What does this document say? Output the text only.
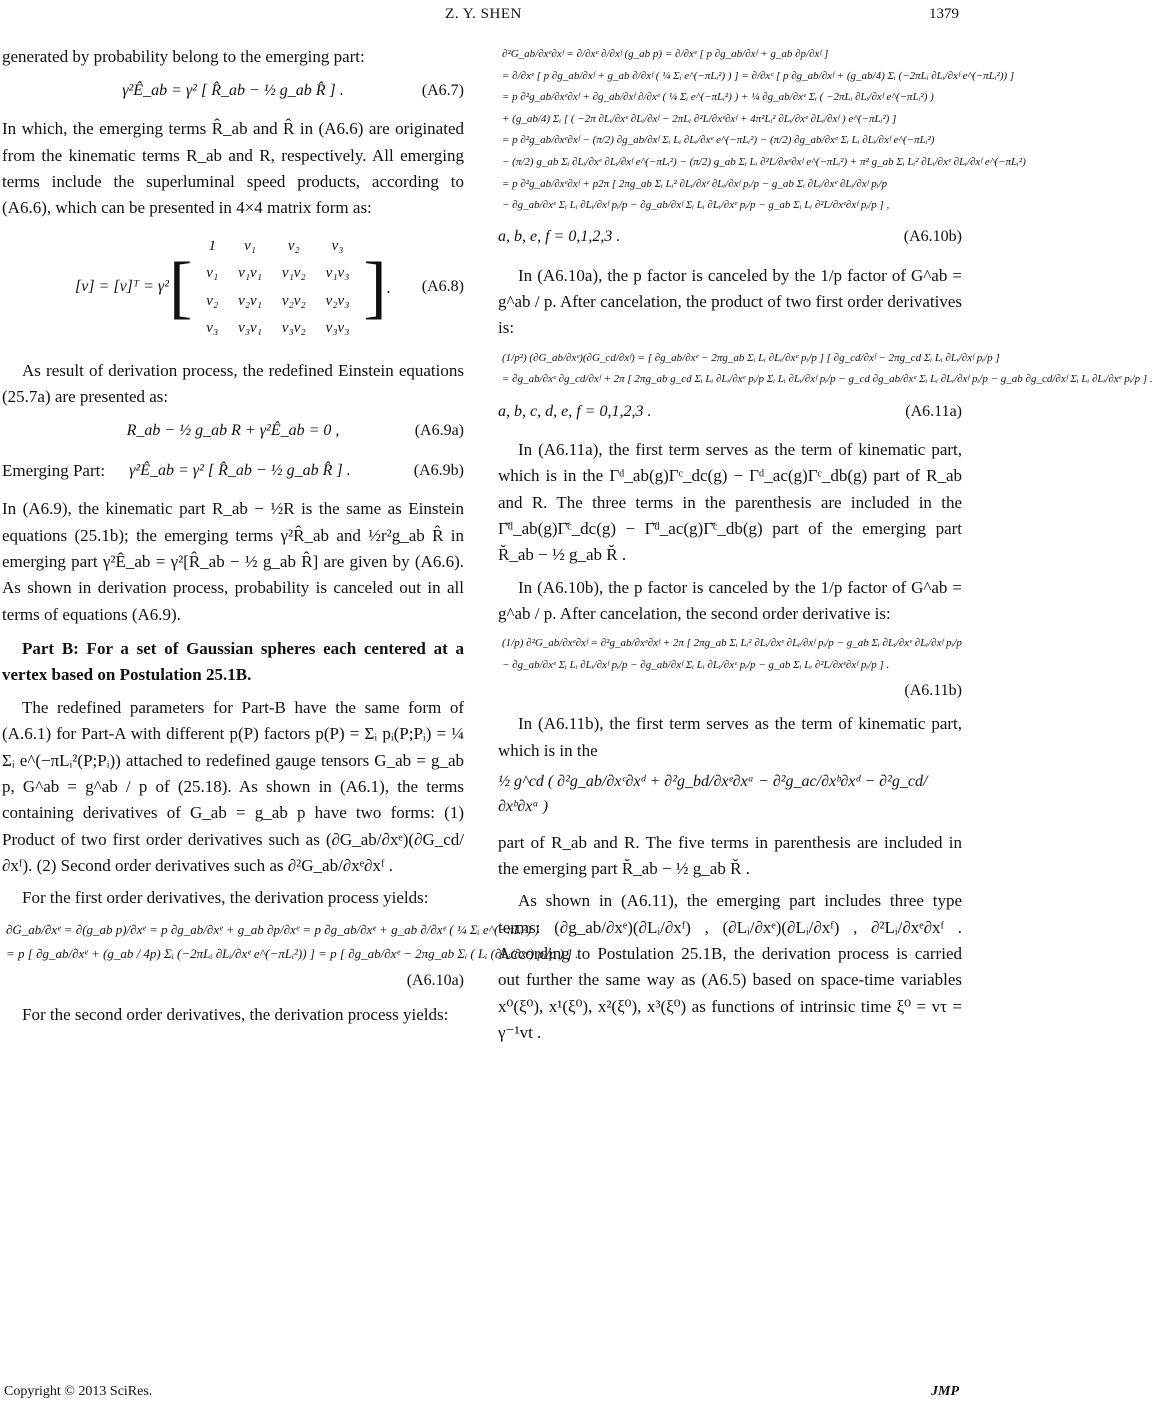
Z. Y. SHEN	1379

generated by probability belong to the emerging part:

γ²Ê_ab = γ² [ R̂_ab − ½ g_ab R̂ ] .	(A6.7)

In which, the emerging terms R̂_ab and R̂ in (A6.6) are originated from the kinematic terms R_ab and R, respectively. All emerging terms include the superluminal speed products, according to (A6.6), which can be presented in 4×4 matrix form as:

[v] = [v]ᵀ = γ² [
1	v₁	v₂	v₃
v₁	v₁v₁	v₁v₂	v₁v₃
v₂	v₂v₁	v₂v₂	v₂v₃
v₃	v₃v₁	v₃v₂	v₃v₃
] . (A6.8)

As result of derivation process, the redefined Einstein equations (25.7a) are presented as:

R_ab − ½ g_ab R + γ²Ê_ab = 0 ,	(A6.9a)
Emerging Part: γ²Ê_ab = γ² [ R̂_ab − ½ g_ab R̂ ] .	(A6.9b)

In (A6.9), the kinematic part R_ab − ½R is the same as Einstein equations (25.1b); the emerging terms γ²R̂_ab and ½r²g_ab R̂ in emerging part γ²Ê_ab = γ²[R̂_ab − ½ g_ab R̂] are given by (A6.6). As shown in derivation process, probability is canceled out in all terms of equations (A6.9).

Part B: For a set of Gaussian spheres each centered at a vertex based on Postulation 25.1B.

The redefined parameters for Part-B have the same form of (A.6.1) for Part-A with different p(P) factors p(P) = Σᵢ pᵢ(P;Pᵢ) = ¼ Σᵢ e^(−πLᵢ²(P;Pᵢ)) attached to redefined gauge tensors G_ab = g_ab p, G^ab = g^ab / p of (25.18). As shown in (A6.1), the terms containing derivatives of G_ab = g_ab p have two forms: (1) Product of two first order derivatives such as (∂G_ab/∂xᵉ)(∂G_cd/∂xᶠ). (2) Second order derivatives such as ∂²G_ab/∂xᵉ∂xᶠ .

For the first order derivatives, the derivation process yields:

∂G_ab/∂xᵉ = ∂(g_ab p)/∂xᵉ = p ∂g_ab/∂xᵉ + g_ab ∂p/∂xᵉ = p ∂g_ab/∂xᵉ + g_ab ∂/∂xᵉ ( ¼ Σᵢ e^(−πLᵢ²) )
= p [ ∂g_ab/∂xᵉ + (g_ab / 4p) Σᵢ (−2πLᵢ ∂Lᵢ/∂xᵉ e^(−πLᵢ²)) ] = p [ ∂g_ab/∂xᵉ − 2πg_ab Σᵢ ( Lᵢ (∂Lᵢ/∂xᵉ) pᵢ/p ) ] .
(A6.10a)

For the second order derivatives, the derivation process yields:

∂²G_ab/∂xᵉ∂xᶠ = ∂/∂xᵉ ∂/∂xᶠ (g_ab p) = ∂/∂xᵉ [ p ∂g_ab/∂xᶠ + g_ab ∂p/∂xᶠ ]
= ∂/∂xᵉ [ p ∂g_ab/∂xᶠ + g_ab ∂/∂xᶠ ( ¼ Σᵢ e^(−πLᵢ²) ) ] = ∂/∂xᵉ [ p ∂g_ab/∂xᶠ + (g_ab/4) Σᵢ (−2πLᵢ ∂Lᵢ/∂xᶠ e^(−πLᵢ²)) ]
= p ∂²g_ab/∂xᵉ∂xᶠ + ∂g_ab/∂xᶠ ∂/∂xᵉ ( ¼ Σᵢ e^(−πLᵢ²) ) + ¼ ∂g_ab/∂xᵉ Σᵢ ( −2πLᵢ ∂Lᵢ/∂xᶠ e^(−πLᵢ²) )
+ (g_ab/4) Σᵢ [ ( −2π ∂Lᵢ/∂xᵉ ∂Lᵢ/∂xᶠ − 2πLᵢ ∂²L/∂xᵉ∂xᶠ + 4π²Lᵢ² ∂Lᵢ/∂xᵉ ∂Lᵢ/∂xᶠ ) e^(−πLᵢ²) ]
= p ∂²g_ab/∂xᵉ∂xᶠ − (π/2) ∂g_ab/∂xᶠ Σᵢ Lᵢ ∂Lᵢ/∂xᵉ e^(−πLᵢ²) − (π/2) ∂g_ab/∂xᵉ Σᵢ Lᵢ ∂Lᵢ/∂xᶠ e^(−πLᵢ²)
− (π/2) g_ab Σᵢ ∂Lᵢ/∂xᵉ ∂Lᵢ/∂xᶠ e^(−πLᵢ²) − (π/2) g_ab Σᵢ Lᵢ ∂²L/∂xᵉ∂xᶠ e^(−πLᵢ²) + π² g_ab Σᵢ Lᵢ² ∂Lᵢ/∂xᵉ ∂Lᵢ/∂xᶠ e^(−πLᵢ²)
= p ∂²g_ab/∂xᵉ∂xᶠ + p2π [ 2πg_ab Σᵢ Lᵢ² ∂Lᵢ/∂xᵉ ∂Lᵢ/∂xᶠ pᵢ/p − g_ab Σᵢ ∂Lᵢ/∂xᵉ ∂Lᵢ/∂xᶠ pᵢ/p
− ∂g_ab/∂xᵉ Σᵢ Lᵢ ∂Lᵢ/∂xᶠ pᵢ/p − ∂g_ab/∂xᶠ Σᵢ Lᵢ ∂Lᵢ/∂xᵉ pᵢ/p − g_ab Σᵢ Lᵢ ∂²L/∂xᵉ∂xᶠ pᵢ/p ] ,
a, b, e, f = 0,1,2,3 .	(A6.10b)

In (A6.10a), the p factor is canceled by the 1/p factor of G^ab = g^ab / p. After cancelation, the product of two first order derivatives is:

(1/p²) (∂G_ab/∂xᵉ)(∂G_cd/∂xᶠ) = [ ∂g_ab/∂xᵉ − 2πg_ab Σᵢ Lᵢ ∂Lᵢ/∂xᵉ pᵢ/p ] [ ∂g_cd/∂xᶠ − 2πg_cd Σᵢ Lᵢ ∂Lᵢ/∂xᶠ pᵢ/p ]
= ∂g_ab/∂xᵉ ∂g_cd/∂xᶠ + 2π [ 2πg_ab g_cd Σᵢ Lᵢ ∂Lᵢ/∂xᵉ pᵢ/p Σᵢ Lᵢ ∂Lᵢ/∂xᶠ pᵢ/p − g_cd ∂g_ab/∂xᵉ Σᵢ Lᵢ ∂Lᵢ/∂xᶠ pᵢ/p − g_ab ∂g_cd/∂xᶠ Σᵢ Lᵢ ∂Lᵢ/∂xᵉ pᵢ/p ] .
a, b, c, d, e, f = 0,1,2,3 .	(A6.11a)

In (A6.11a), the first term serves as the term of kinematic part, which is in the Γᵈ_ab(g)Γᶜ_dc(g) − Γᵈ_ac(g)Γᶜ_db(g) part of R_ab and R. The three terms in the parenthesis are included in the Γ̆ᵈ_ab(g)Γ̆ᶜ_dc(g) − Γ̆ᵈ_ac(g)Γ̆ᶜ_db(g) part of the emerging part R̆_ab − ½ g_ab R̆ .

In (A6.10b), the p factor is canceled by the 1/p factor of G^ab = g^ab / p. After cancelation, the second order derivative is:

(1/p) ∂²G_ab/∂xᵉ∂xᶠ = ∂²g_ab/∂xᵉ∂xᶠ + 2π [ 2πg_ab Σᵢ Lᵢ² ∂Lᵢ/∂xᵉ ∂Lᵢ/∂xᶠ pᵢ/p − g_ab Σᵢ ∂Lᵢ/∂xᵉ ∂Lᵢ/∂xᶠ pᵢ/p
− ∂g_ab/∂xᵉ Σᵢ Lᵢ ∂Lᵢ/∂xᶠ pᵢ/p − ∂g_ab/∂xᶠ Σᵢ Lᵢ ∂Lᵢ/∂xᵉ pᵢ/p − g_ab Σᵢ Lᵢ ∂²L/∂xᵉ∂xᶠ pᵢ/p ] .
(A6.11b)

In (A6.11b), the first term serves as the term of kinematic part, which is in the

½ g^cd ( ∂²g_ab/∂xᶜ∂xᵈ + ∂²g_bd/∂xᵉ∂xᵃ − ∂²g_ac/∂xᵇ∂xᵈ − ∂²g_cd/∂xᵇ∂xᵃ )

part of R_ab and R. The five terms in parenthesis are included in the emerging part R̆_ab − ½ g_ab R̆ .

As shown in (A6.11), the emerging part includes three type terms: (∂g_ab/∂xᵉ)(∂Lᵢ/∂xᶠ) , (∂Lᵢ/∂xᵉ)(∂Lᵢ/∂xᶠ) , ∂²Lᵢ/∂xᵉ∂xᶠ . According to Postulation 25.1B, the derivation process is carried out further the same way as (A6.5) based on space-time variables x⁰(ξ⁰), x¹(ξ⁰), x²(ξ⁰), x³(ξ⁰) as functions of intrinsic time ξ⁰ = vτ = γ⁻¹vt .

Copyright © 2013 SciRes.	JMP
